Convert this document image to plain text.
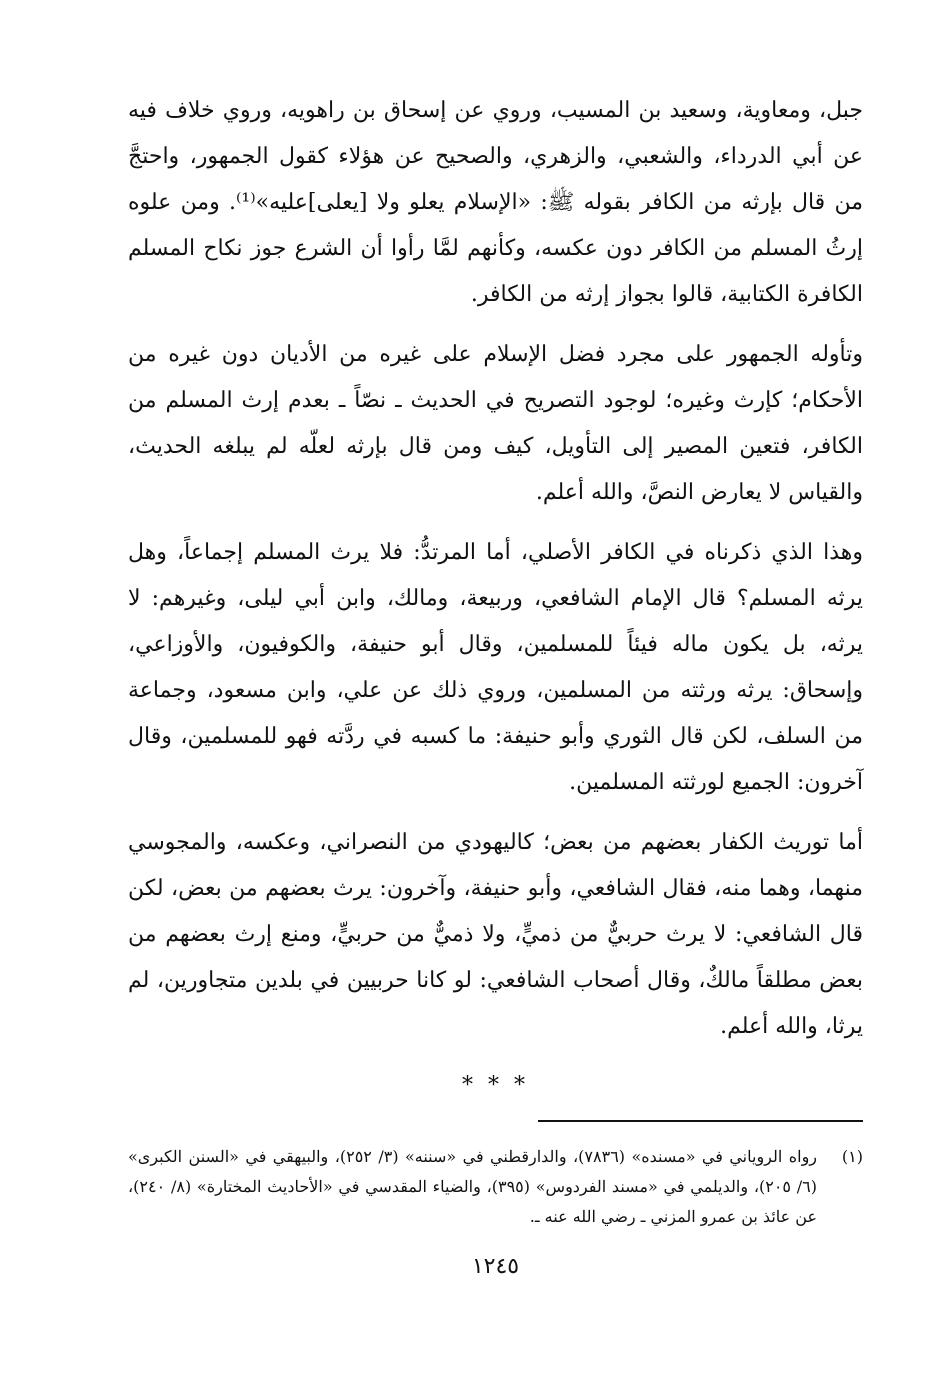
جبل، ومعاوية، وسعيد بن المسيب، وروي عن إسحاق بن راهويه، وروي خلاف فيه عن أبي الدرداء، والشعبي، والزهري، والصحيح عن هؤلاء كقول الجمهور، واحتجَّ من قال بإرثه من الكافر بقوله ﷺ: «الإسلام يعلو ولا [يعلى]عليه»⁽¹⁾. ومن علوه إرثُ المسلم من الكافر دون عكسه، وكأنهم لمَّا رأوا أن الشرع جوز نكاح المسلم الكافرة الكتابية، قالوا بجواز إرثه من الكافر.

وتأوله الجمهور على مجرد فضل الإسلام على غيره من الأديان دون غيره من الأحكام؛ كإرث وغيره؛ لوجود التصريح في الحديث ـ نصّاً ـ بعدم إرث المسلم من الكافر، فتعين المصير إلى التأويل، كيف ومن قال بإرثه لعلّه لم يبلغه الحديث، والقياس لا يعارض النصَّ، والله أعلم.

وهذا الذي ذكرناه في الكافر الأصلي، أما المرتدُّ: فلا يرث المسلم إجماعاً، وهل يرثه المسلم؟ قال الإمام الشافعي، وربيعة، ومالك، وابن أبي ليلى، وغيرهم: لا يرثه، بل يكون ماله فيئاً للمسلمين، وقال أبو حنيفة، والكوفيون، والأوزاعي، وإسحاق: يرثه ورثته من المسلمين، وروي ذلك عن علي، وابن مسعود، وجماعة من السلف، لكن قال الثوري وأبو حنيفة: ما كسبه في ردَّته فهو للمسلمين، وقال آخرون: الجميع لورثته المسلمين.

أما توريث الكفار بعضهم من بعض؛ كاليهودي من النصراني، وعكسه، والمجوسي منهما، وهما منه، فقال الشافعي، وأبو حنيفة، وآخرون: يرث بعضهم من بعض، لكن قال الشافعي: لا يرث حربيٌّ من ذميٍّ، ولا ذميٌّ من حربيٍّ، ومنع إرث بعضهم من بعض مطلقاً مالكٌ، وقال أصحاب الشافعي: لو كانا حربيين في بلدين متجاورين، لم يرثا، والله أعلم.

* * *
(١)
رواه الروياني في «مسنده» (٧٨٣٦)، والدارقطني في «سننه» (٣/ ٢٥٢)، والبيهقي في «السنن الكبرى» (٦/ ٢٠٥)، والديلمي في «مسند الفردوس» (٣٩٥)، والضياء المقدسي في «الأحاديث المختارة» (٨/ ٢٤٠)، عن عائذ بن عمرو المزني ـ رضي الله عنه ـ.
١٢٤٥
